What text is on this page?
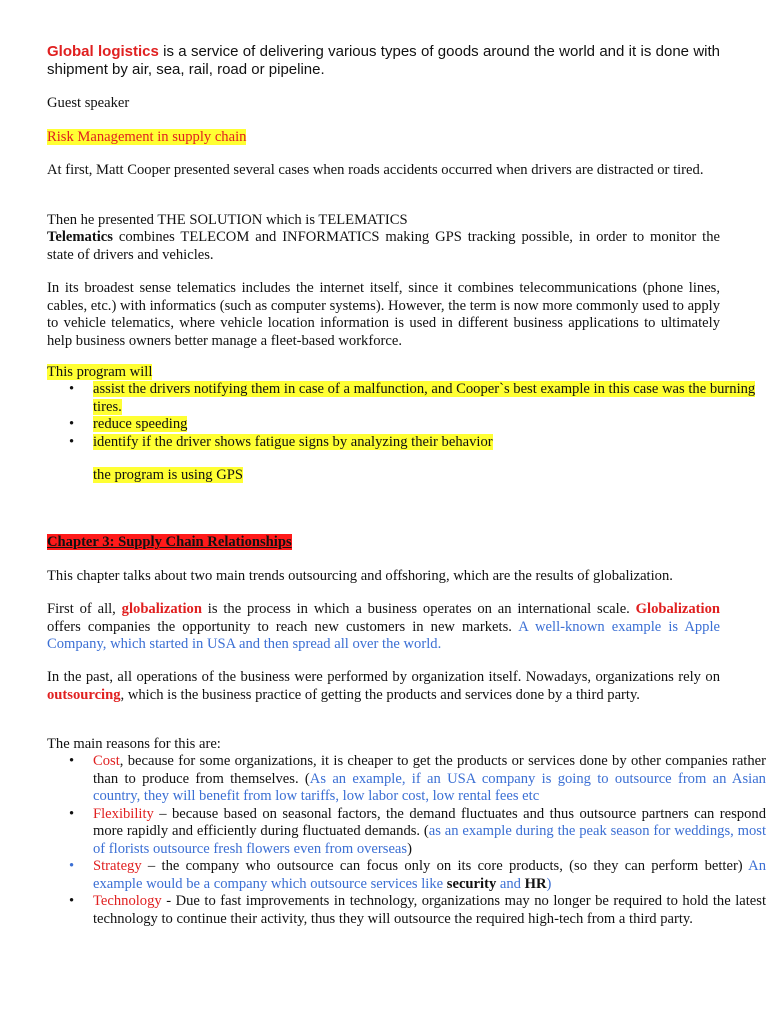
Global logistics is a service of delivering various types of goods around the world and it is done with shipment by air, sea, rail, road or pipeline.

Guest speaker

Risk Management in supply chain

At first, Matt Cooper presented several cases when roads accidents occurred when drivers are distracted or tired.

Then he presented THE SOLUTION which is TELEMATICS

Telematics combines TELECOM and INFORMATICS making GPS tracking possible, in order to monitor the state of drivers and vehicles.

In its broadest sense telematics includes the internet itself, since it combines telecommunications (phone lines, cables, etc.) with informatics (such as computer systems). However, the term is now more commonly used to apply to vehicle telematics, where vehicle location information is used in different business applications to ultimately help business owners better manage a fleet-based workforce.

This program will

• assist the drivers notifying them in case of a malfunction, and Cooper`s best example in this case was the burning tires.
• reduce speeding
• identify if the driver shows fatigue signs by analyzing their behavior

the program is using GPS

Chapter 3: Supply Chain Relationships

This chapter talks about two main trends outsourcing and offshoring, which are the results of globalization.

First of all, globalization is the process in which a business operates on an international scale. Globalization offers companies the opportunity to reach new customers in new markets. A well-known example is Apple Company, which started in USA and then spread all over the world.

In the past, all operations of the business were performed by organization itself. Nowadays, organizations rely on outsourcing, which is the business practice of getting the products and services done by a third party.

The main reasons for this are:

• Cost, because for some organizations, it is cheaper to get the products or services done by other companies rather than to produce from themselves. (As an example, if an USA company is going to outsource from an Asian country, they will benefit from low tariffs, low labor cost, low rental fees etc
• Flexibility – because based on seasonal factors, the demand fluctuates and thus outsource partners can respond more rapidly and efficiently during fluctuated demands. (as an example during the peak season for weddings, most of florists outsource fresh flowers even from overseas)
• Strategy – the company who outsource can focus only on its core products, (so they can perform better) An example would be a company which outsource services like security and HR)
• Technology - Due to fast improvements in technology, organizations may no longer be required to hold the latest technology to continue their activity, thus they will outsource the required high-tech from a third party.
